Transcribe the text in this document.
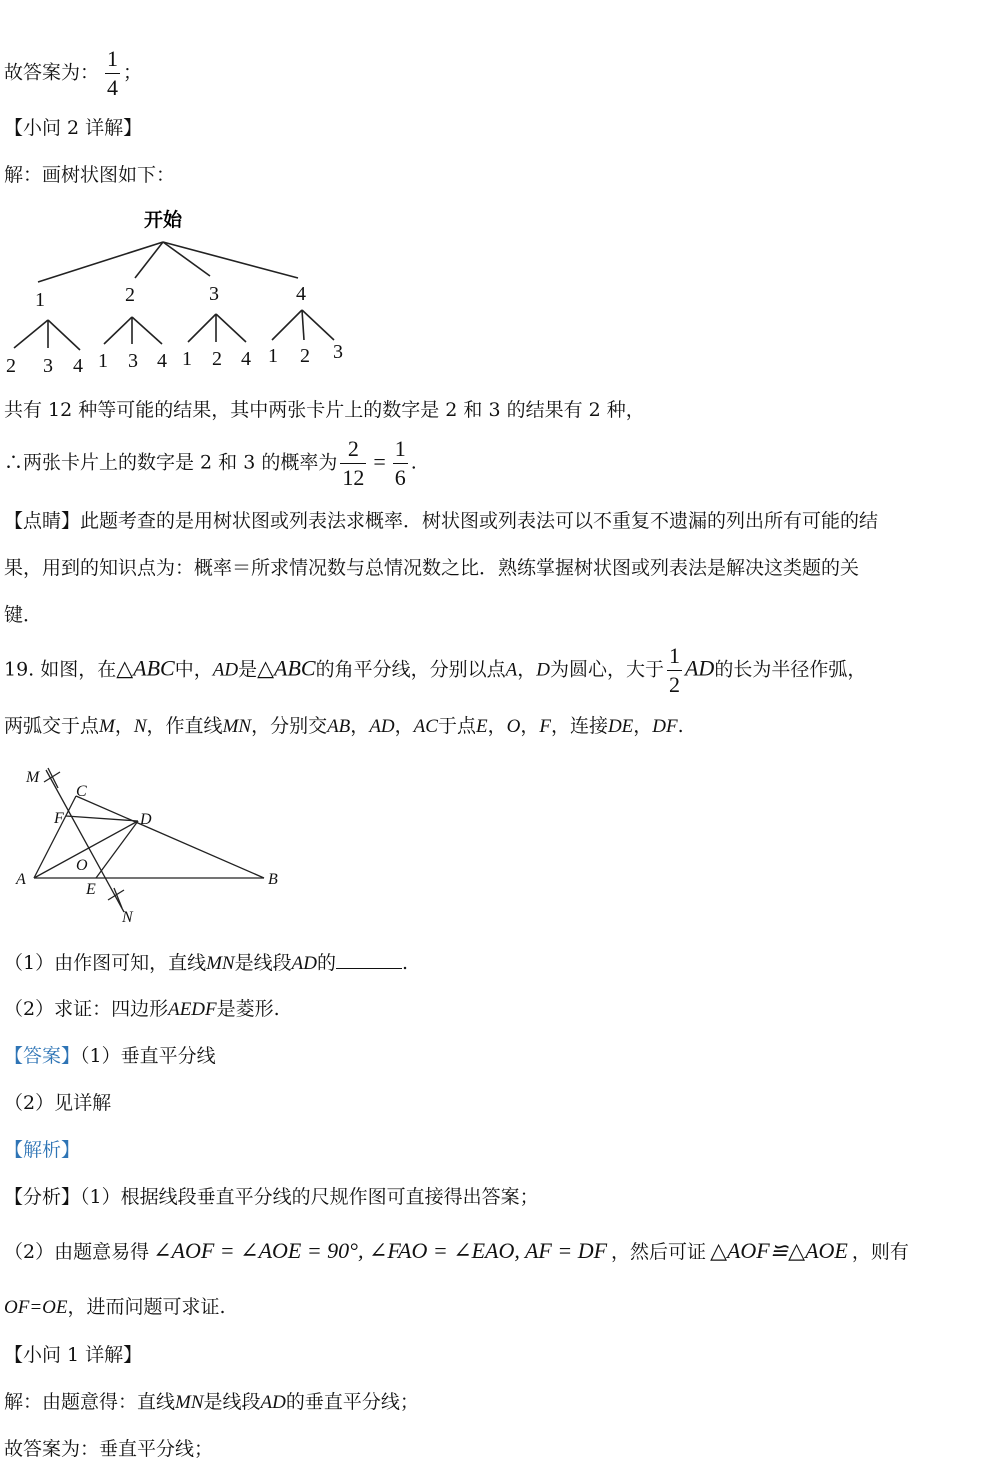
故答案为： $\frac{1}{4}$ ；
【小问 2 详解】
解：画树状图如下：
开始
1	2	3	4
2 3 4 1 3 4 1 2 4 1 2 3
共有 12 种等可能的结果，其中两张卡片上的数字是 2 和 3 的结果有 2 种，
∴两张卡片上的数字是 2 和 3 的概率为 $\frac{2}{12} = \frac{1}{6}$ .
【点睛】此题考查的是用树状图或列表法求概率．树状图或列表法可以不重复不遗漏的列出所有可能的结
果，用到的知识点为：概率＝所求情况数与总情况数之比．熟练掌握树状图或列表法是解决这类题的关
键．
19. 如图，在△ABC中，AD是△ABC的角平分线，分别以点A，D为圆心，大于 $\frac{1}{2}$ AD的长为半径作弧，
两弧交于点M，N，作直线MN，分别交AB，AD，AC于点E，O，F，连接DE，DF.
M
C
F	D
O
A
E
B
N
（1）由作图可知，直线MN是线段AD的	.
（2）求证：四边形AEDF是菱形.
【答案】（1）垂直平分线
（2）见详解
【解析】
【分析】（1）根据线段垂直平分线的尺规作图可直接得出答案；
（2）由题意易得 ∠AOF = ∠AOE = 90°, ∠FAO = ∠EAO, AF = DF ，然后可证 △AOF≌△AOE ，则有
OF=OE，进而问题可求证.
【小问 1 详解】
解：由题意得：直线MN是线段AD的垂直平分线；
故答案为：垂直平分线；
